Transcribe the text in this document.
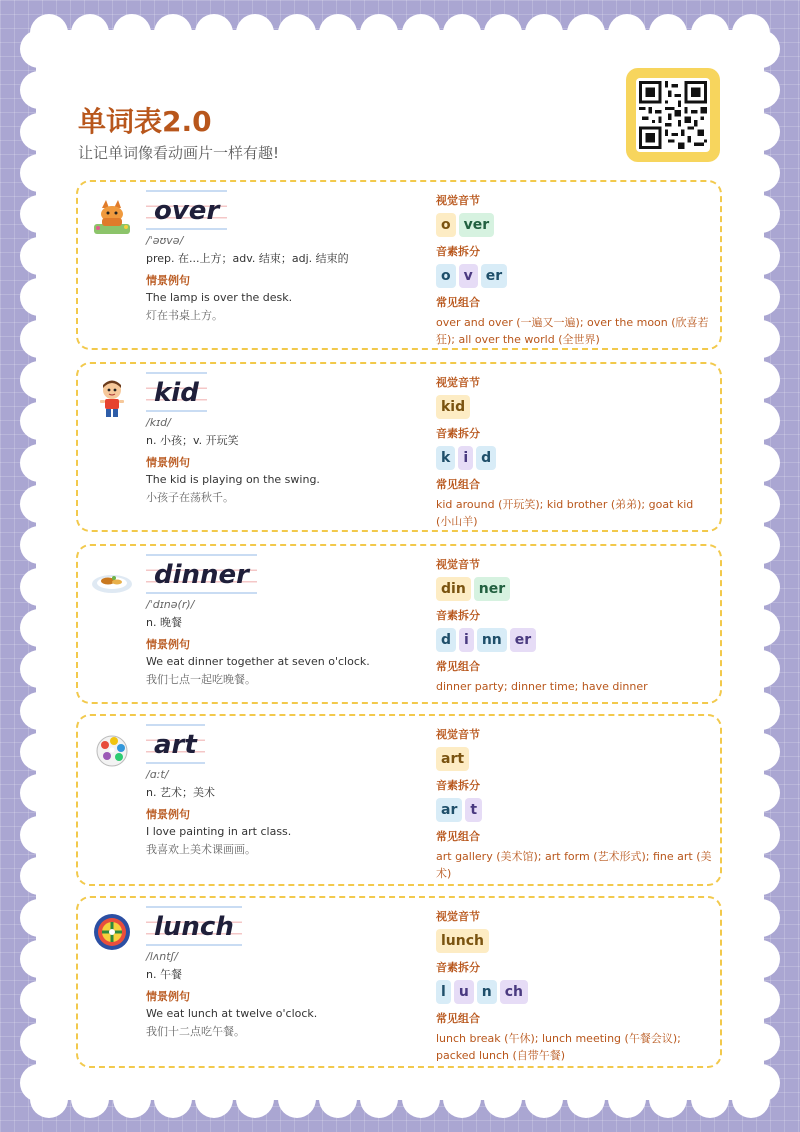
单词表2.0
让记单词像看动画片一样有趣!
over
/ˈəʊvə/
prep. 在...上方；adv. 结束；adj. 结束的
情景例句
The lamp is over the desk.
灯在书桌上方。
视觉音节
o ver
音素拆分
o v er
常见组合
over and over (一遍又一遍); over the moon (欣喜若狂); all over the world (全世界)
kid
/kɪd/
n. 小孩；v. 开玩笑
情景例句
The kid is playing on the swing.
小孩子在荡秋千。
视觉音节
kid
音素拆分
k i d
常见组合
kid around (开玩笑); kid brother (弟弟); goat kid (小山羊)
dinner
/ˈdɪnə(r)/
n. 晚餐
情景例句
We eat dinner together at seven o'clock.
我们七点一起吃晚餐。
视觉音节
din ner
音素拆分
d i nn er
常见组合
dinner party; dinner time; have dinner
art
/ɑːt/
n. 艺术；美术
情景例句
I love painting in art class.
我喜欢上美术课画画。
视觉音节
art
音素拆分
ar t
常见组合
art gallery (美术馆); art form (艺术形式); fine art (美术)
lunch
/lʌntʃ/
n. 午餐
情景例句
We eat lunch at twelve o'clock.
我们十二点吃午餐。
视觉音节
lunch
音素拆分
l u n ch
常见组合
lunch break (午休); lunch meeting (午餐会议); packed lunch (自带午餐)
